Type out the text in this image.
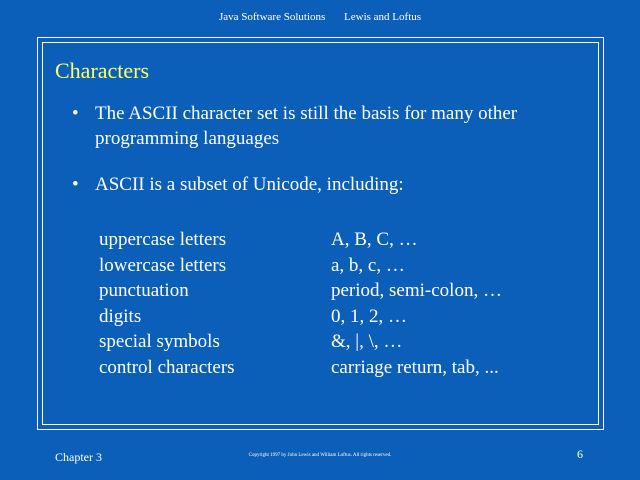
Java Software Solutions Lewis and Loftus
Characters
• The ASCII character set is still the basis for many other programming languages
• ASCII is a subset of Unicode, including:
uppercase letters
lowercase letters
punctuation
digits
special symbols
control characters
A, B, C, …
a, b, c, …
period, semi-colon, …
0, 1, 2, …
&, |, \, …
carriage return, tab, ...
Chapter 3	Copyright 1997 by John Lewis and William Loftus. All rights reserved.	6
